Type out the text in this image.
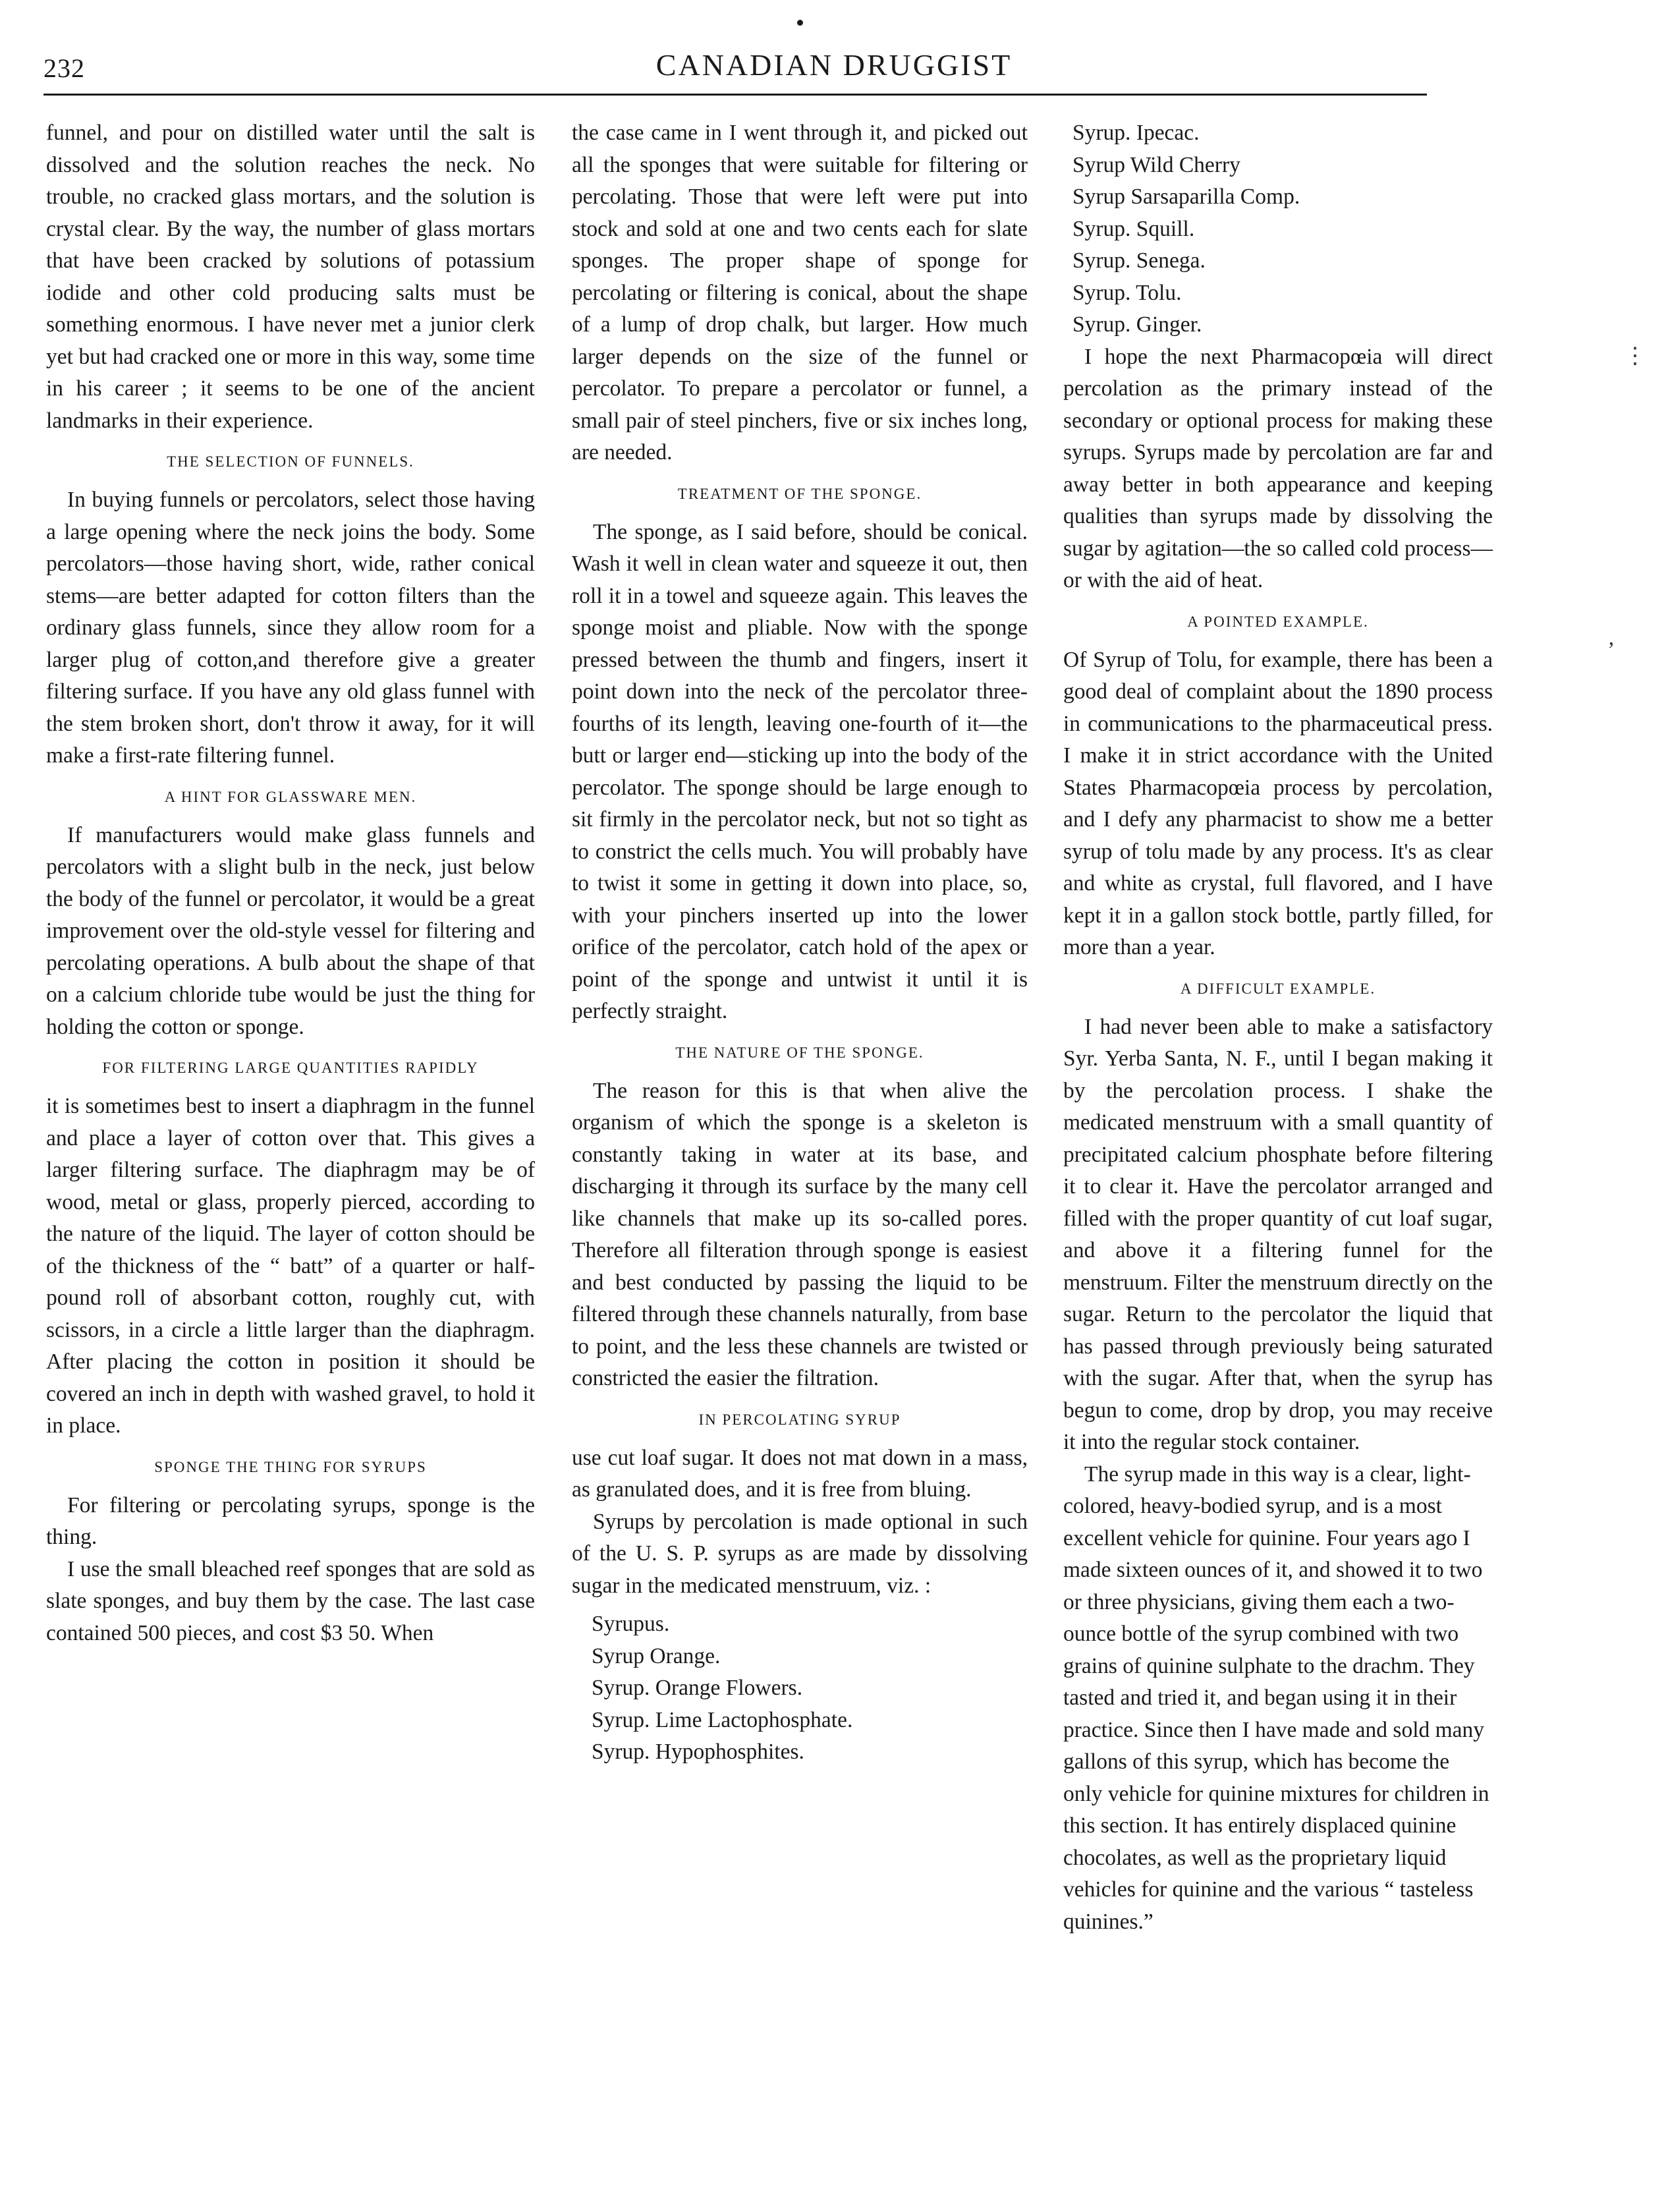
232	CANADIAN DRUGGIST

funnel, and pour on distilled water until the salt is dissolved and the solution reaches the neck. No trouble, no cracked glass mortars, and the solution is crystal clear. By the way, the number of glass mortars that have been cracked by solutions of potassium iodide and other cold producing salts must be something enormous. I have never met a junior clerk yet but had cracked one or more in this way, some time in his career ; it seems to be one of the ancient landmarks in their experience.

THE SELECTION OF FUNNELS.

In buying funnels or percolators, select those having a large opening where the neck joins the body. Some percolators—those having short, wide, rather conical stems—are better adapted for cotton filters than the ordinary glass funnels, since they allow room for a larger plug of cotton,and therefore give a greater filtering surface. If you have any old glass funnel with the stem broken short, don't throw it away, for it will make a first-rate filtering funnel.

A HINT FOR GLASSWARE MEN.

If manufacturers would make glass funnels and percolators with a slight bulb in the neck, just below the body of the funnel or percolator, it would be a great improvement over the old-style vessel for filtering and percolating operations. A bulb about the shape of that on a calcium chloride tube would be just the thing for holding the cotton or sponge.

FOR FILTERING LARGE QUANTITIES RAPIDLY

it is sometimes best to insert a diaphragm in the funnel and place a layer of cotton over that. This gives a larger filtering surface. The diaphragm may be of wood, metal or glass, properly pierced, according to the nature of the liquid. The layer of cotton should be of the thickness of the “ batt” of a quarter or half-pound roll of absorbant cotton, roughly cut, with scissors, in a circle a little larger than the diaphragm. After placing the cotton in position it should be covered an inch in depth with washed gravel, to hold it in place.

SPONGE THE THING FOR SYRUPS

For filtering or percolating syrups, sponge is the thing.

I use the small bleached reef sponges that are sold as slate sponges, and buy them by the case. The last case contained 500 pieces, and cost $3 50. When

the case came in I went through it, and picked out all the sponges that were suitable for filtering or percolating. Those that were left were put into stock and sold at one and two cents each for slate sponges. The proper shape of sponge for percolating or filtering is conical, about the shape of a lump of drop chalk, but larger. How much larger depends on the size of the funnel or percolator. To prepare a percolator or funnel, a small pair of steel pinchers, five or six inches long, are needed.

TREATMENT OF THE SPONGE.

The sponge, as I said before, should be conical. Wash it well in clean water and squeeze it out, then roll it in a towel and squeeze again. This leaves the sponge moist and pliable. Now with the sponge pressed between the thumb and fingers, insert it point down into the neck of the percolator three-fourths of its length, leaving one-fourth of it—the butt or larger end—sticking up into the body of the percolator. The sponge should be large enough to sit firmly in the percolator neck, but not so tight as to constrict the cells much. You will probably have to twist it some in getting it down into place, so, with your pinchers inserted up into the lower orifice of the percolator, catch hold of the apex or point of the sponge and untwist it until it is perfectly straight.

THE NATURE OF THE SPONGE.

The reason for this is that when alive the organism of which the sponge is a skeleton is constantly taking in water at its base, and discharging it through its surface by the many cell like channels that make up its so-called pores. Therefore all filteration through sponge is easiest and best conducted by passing the liquid to be filtered through these channels naturally, from base to point, and the less these channels are twisted or constricted the easier the filtration.

IN PERCOLATING SYRUP

use cut loaf sugar. It does not mat down in a mass, as granulated does, and it is free from bluing.

Syrups by percolation is made optional in such of the U. S. P. syrups as are made by dissolving sugar in the medicated menstruum, viz. :

Syrupus.
Syrup Orange.
Syrup. Orange Flowers.
Syrup. Lime Lactophosphate.
Syrup. Hypophosphites.
Syrup. Ipecac.
Syrup Wild Cherry
Syrup Sarsaparilla Comp.
Syrup. Squill.
Syrup. Senega.
Syrup. Tolu.
Syrup. Ginger.

I hope the next Pharmacopœia will direct percolation as the primary instead of the secondary or optional process for making these syrups. Syrups made by percolation are far and away better in both appearance and keeping qualities than syrups made by dissolving the sugar by agitation—the so called cold process—or with the aid of heat.

A POINTED EXAMPLE.

Of Syrup of Tolu, for example, there has been a good deal of complaint about the 1890 process in communications to the pharmaceutical press. I make it in strict accordance with the United States Pharmacopœia process by percolation, and I defy any pharmacist to show me a better syrup of tolu made by any process. It's as clear and white as crystal, full flavored, and I have kept it in a gallon stock bottle, partly filled, for more than a year.

A DIFFICULT EXAMPLE.

I had never been able to make a satisfactory Syr. Yerba Santa, N. F., until I began making it by the percolation process. I shake the medicated menstruum with a small quantity of precipitated calcium phosphate before filtering it to clear it. Have the percolator arranged and filled with the proper quantity of cut loaf sugar, and above it a filtering funnel for the menstruum. Filter the menstruum directly on the sugar. Return to the percolator the liquid that has passed through previously being saturated with the sugar. After that, when the syrup has begun to come, drop by drop, you may receive it into the regular stock container.

The syrup made in this way is a clear, light-colored, heavy-bodied syrup, and is a most excellent vehicle for quinine. Four years ago I made sixteen ounces of it, and showed it to two or three physicians, giving them each a two-ounce bottle of the syrup combined with two grains of quinine sulphate to the drachm. They tasted and tried it, and began using it in their practice. Since then I have made and sold many gallons of this syrup, which has become the only vehicle for quinine mixtures for children in this section. It has entirely displaced quinine chocolates, as well as the proprietary liquid vehicles for quinine and the various “ tasteless quinines.”

⋮
’
